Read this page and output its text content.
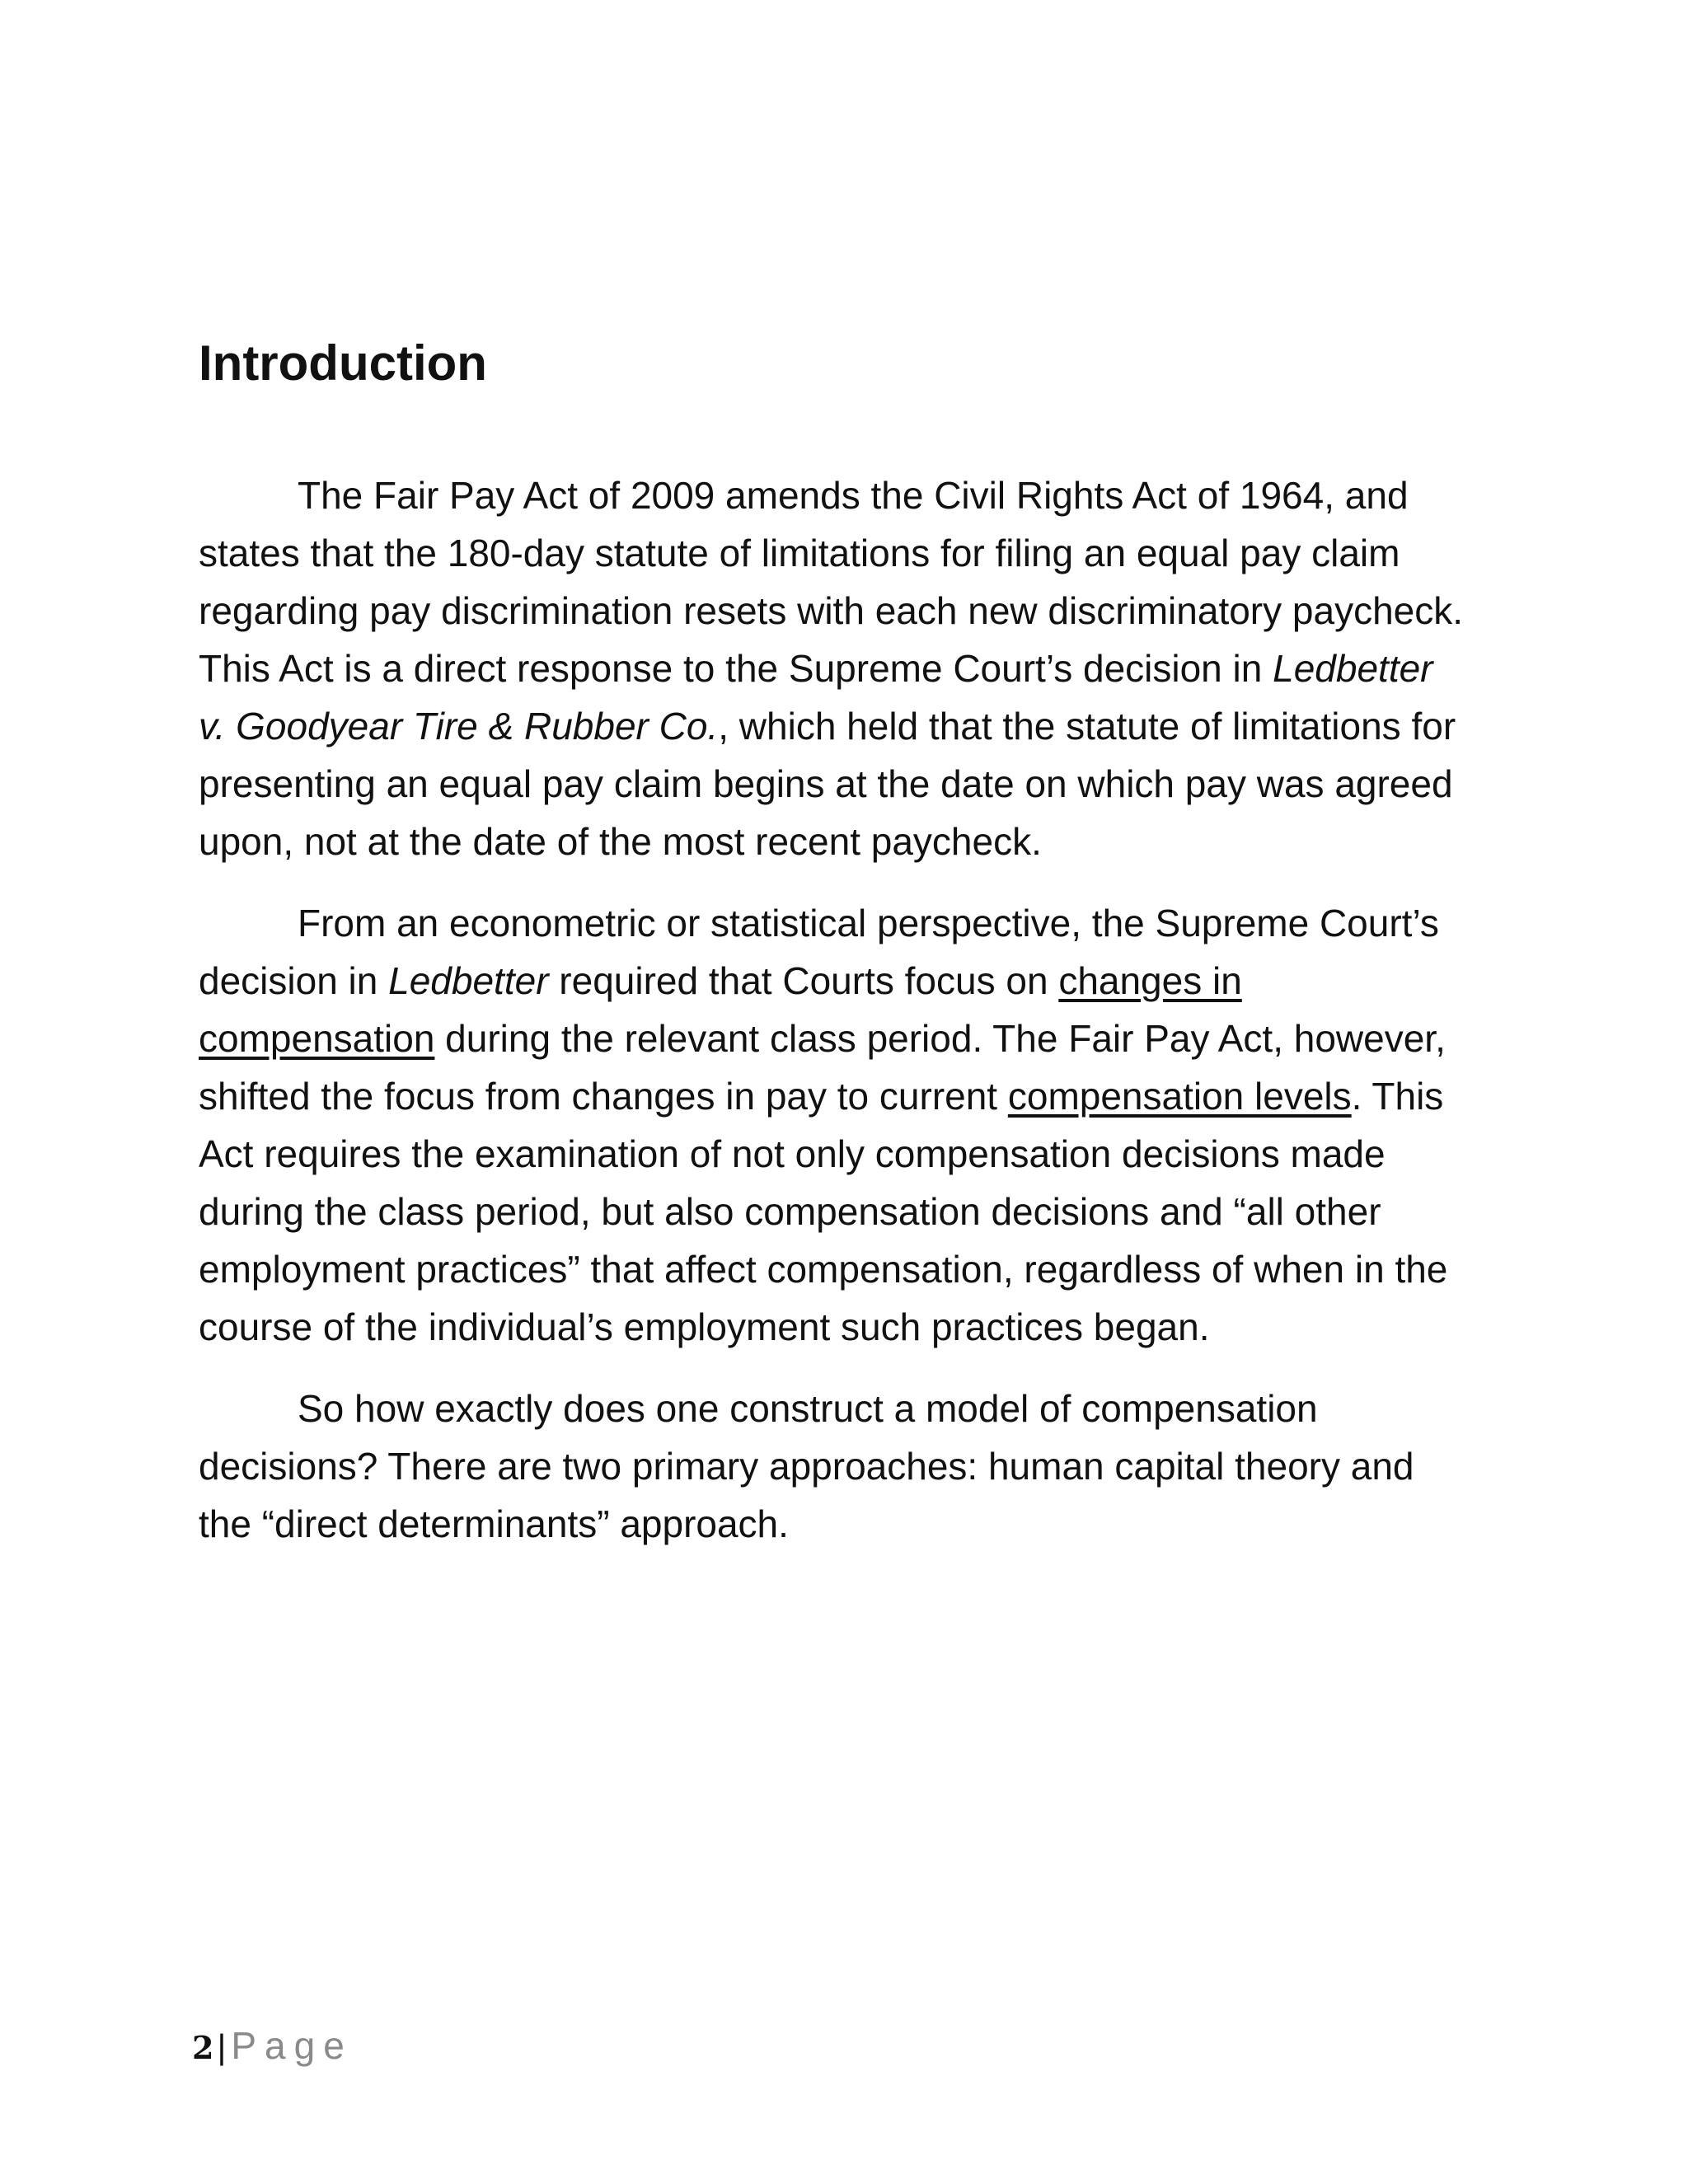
Introduction

The Fair Pay Act of 2009 amends the Civil Rights Act of 1964, and
states that the 180-day statute of limitations for filing an equal pay claim
regarding pay discrimination resets with each new discriminatory paycheck.
This Act is a direct response to the Supreme Court’s decision in Ledbetter
v. Goodyear Tire & Rubber Co., which held that the statute of limitations for
presenting an equal pay claim begins at the date on which pay was agreed
upon, not at the date of the most recent paycheck.

From an econometric or statistical perspective, the Supreme Court’s
decision in Ledbetter required that Courts focus on changes in
compensation during the relevant class period. The Fair Pay Act, however,
shifted the focus from changes in pay to current compensation levels. This
Act requires the examination of not only compensation decisions made
during the class period, but also compensation decisions and “all other
employment practices” that affect compensation, regardless of when in the
course of the individual’s employment such practices began.

So how exactly does one construct a model of compensation
decisions? There are two primary approaches: human capital theory and
the “direct determinants” approach.

2| Page
